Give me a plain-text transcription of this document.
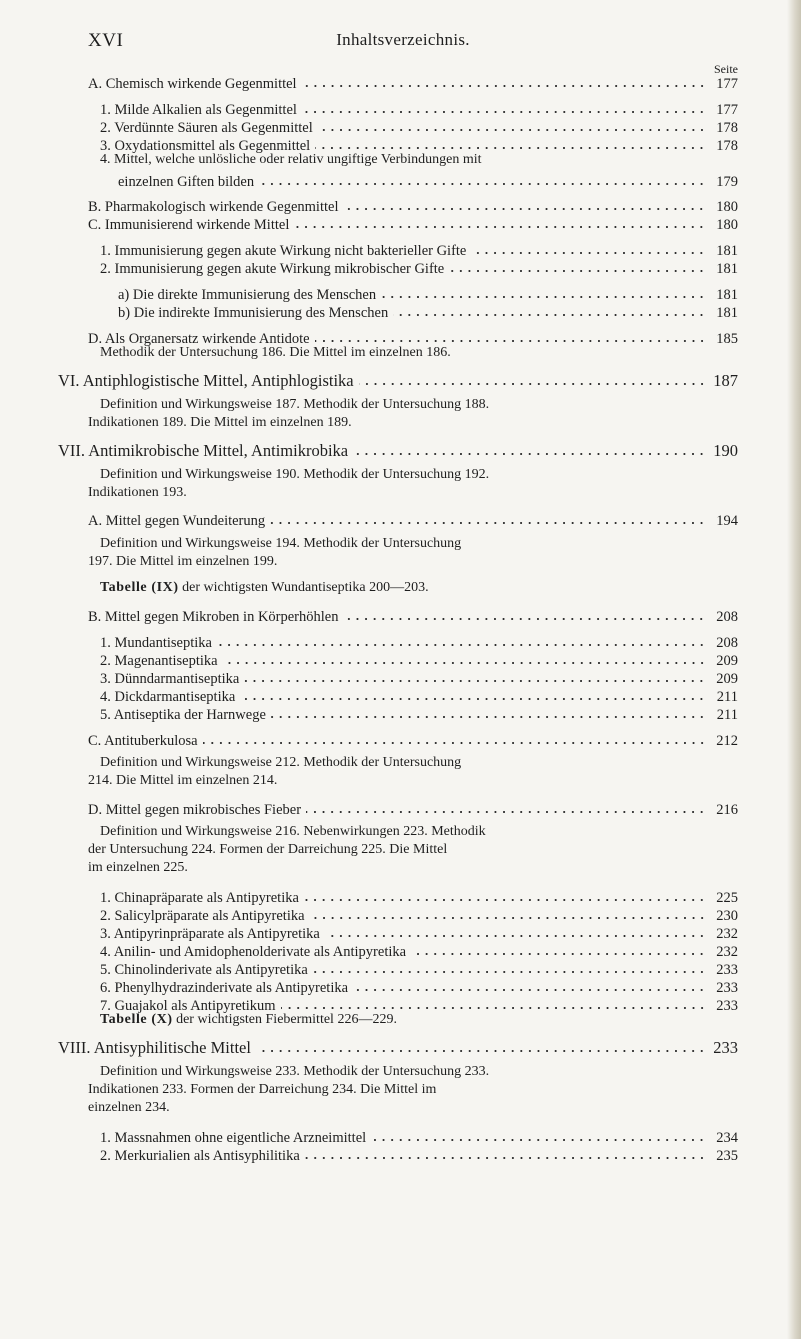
XVI	Inhaltsverzeichnis.
Seite
A. Chemisch wirkende Gegenmittel	177
1. Milde Alkalien als Gegenmittel	177
2. Verdünnte Säuren als Gegenmittel	178
3. Oxydationsmittel als Gegenmittel	178
4. Mittel, welche unlösliche oder relativ ungiftige Verbindungen mit
einzelnen Giften bilden	179
B. Pharmakologisch wirkende Gegenmittel	180
C. Immunisierend wirkende Mittel	180
1. Immunisierung gegen akute Wirkung nicht bakterieller Gifte	181
2. Immunisierung gegen akute Wirkung mikrobischer Gifte	181
a) Die direkte Immunisierung des Menschen	181
b) Die indirekte Immunisierung des Menschen	181
D. Als Organersatz wirkende Antidote	185
Methodik der Untersuchung 186. Die Mittel im einzelnen 186.
VI. Antiphlogistische Mittel, Antiphlogistika	187
Definition und Wirkungsweise 187. Methodik der Untersuchung 188.
Indikationen 189. Die Mittel im einzelnen 189.
VII. Antimikrobische Mittel, Antimikrobika	190
Definition und Wirkungsweise 190. Methodik der Untersuchung 192.
Indikationen 193.
A. Mittel gegen Wundeiterung	194
Definition und Wirkungsweise 194. Methodik der Untersuchung
197. Die Mittel im einzelnen 199.
Tabelle (IX) der wichtigsten Wundantiseptika 200—203.
B. Mittel gegen Mikroben in Körperhöhlen	208
1. Mundantiseptika	208
2. Magenantiseptika	209
3. Dünndarmantiseptika	209
4. Dickdarmantiseptika	211
5. Antiseptika der Harnwege	211
C. Antituberkulosa	212
Definition und Wirkungsweise 212. Methodik der Untersuchung
214. Die Mittel im einzelnen 214.
D. Mittel gegen mikrobisches Fieber	216
Definition und Wirkungsweise 216. Nebenwirkungen 223. Methodik
der Untersuchung 224. Formen der Darreichung 225. Die Mittel
im einzelnen 225.
1. Chinapräparate als Antipyretika	225
2. Salicylpräparate als Antipyretika	230
3. Antipyrinpräparate als Antipyretika	232
4. Anilin- und Amidophenolderivate als Antipyretika	232
5. Chinolinderivate als Antipyretika	233
6. Phenylhydrazinderivate als Antipyretika	233
7. Guajakol als Antipyretikum	233
Tabelle (X) der wichtigsten Fiebermittel 226—229.
VIII. Antisyphilitische Mittel	233
Definition und Wirkungsweise 233. Methodik der Untersuchung 233.
Indikationen 233. Formen der Darreichung 234. Die Mittel im
einzelnen 234.
1. Massnahmen ohne eigentliche Arzneimittel	234
2. Merkurialien als Antisyphilitika	235
